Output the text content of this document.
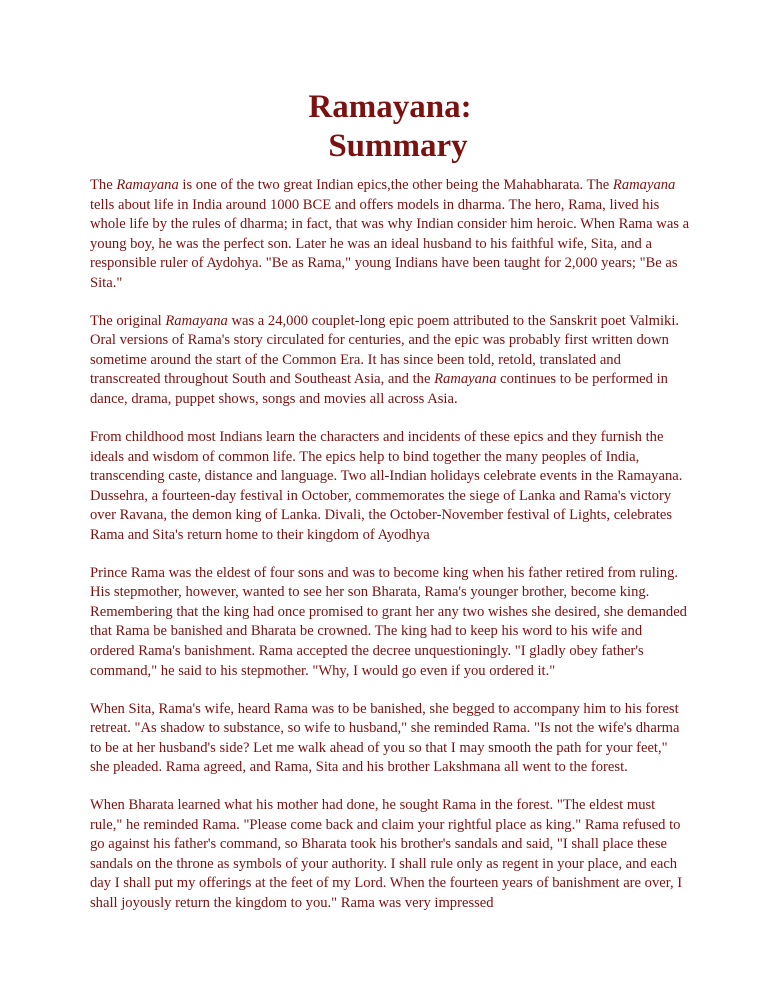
Ramayana:
Summary

The Ramayana is one of the two great Indian epics,the other being the Mahabharata. The Ramayana tells about life in India around 1000 BCE and offers models in dharma. The hero, Rama, lived his whole life by the rules of dharma; in fact, that was why Indian consider him heroic. When Rama was a young boy, he was the perfect son. Later he was an ideal husband to his faithful wife, Sita, and a responsible ruler of Aydohya. "Be as Rama," young Indians have been taught for 2,000 years; "Be as Sita."

The original Ramayana was a 24,000 couplet-long epic poem attributed to the Sanskrit poet Valmiki. Oral versions of Rama's story circulated for centuries, and the epic was probably first written down sometime around the start of the Common Era. It has since been told, retold, translated and transcreated throughout South and Southeast Asia, and the Ramayana continues to be performed in dance, drama, puppet shows, songs and movies all across Asia.

From childhood most Indians learn the characters and incidents of these epics and they furnish the ideals and wisdom of common life. The epics help to bind together the many peoples of India, transcending caste, distance and language. Two all-Indian holidays celebrate events in the Ramayana. Dussehra, a fourteen-day festival in October, commemorates the siege of Lanka and Rama's victory over Ravana, the demon king of Lanka. Divali, the October-November festival of Lights, celebrates Rama and Sita's return home to their kingdom of Ayodhya

Prince Rama was the eldest of four sons and was to become king when his father retired from ruling. His stepmother, however, wanted to see her son Bharata, Rama's younger brother, become king. Remembering that the king had once promised to grant her any two wishes she desired, she demanded that Rama be banished and Bharata be crowned. The king had to keep his word to his wife and ordered Rama's banishment. Rama accepted the decree unquestioningly. "I gladly obey father's command," he said to his stepmother. "Why, I would go even if you ordered it."

When Sita, Rama's wife, heard Rama was to be banished, she begged to accompany him to his forest retreat. "As shadow to substance, so wife to husband," she reminded Rama. "Is not the wife's dharma to be at her husband's side? Let me walk ahead of you so that I may smooth the path for your feet," she pleaded. Rama agreed, and Rama, Sita and his brother Lakshmana all went to the forest.

When Bharata learned what his mother had done, he sought Rama in the forest. "The eldest must rule," he reminded Rama. "Please come back and claim your rightful place as king." Rama refused to go against his father's command, so Bharata took his brother's sandals and said, "I shall place these sandals on the throne as symbols of your authority. I shall rule only as regent in your place, and each day I shall put my offerings at the feet of my Lord. When the fourteen years of banishment are over, I shall joyously return the kingdom to you." Rama was very impressed
